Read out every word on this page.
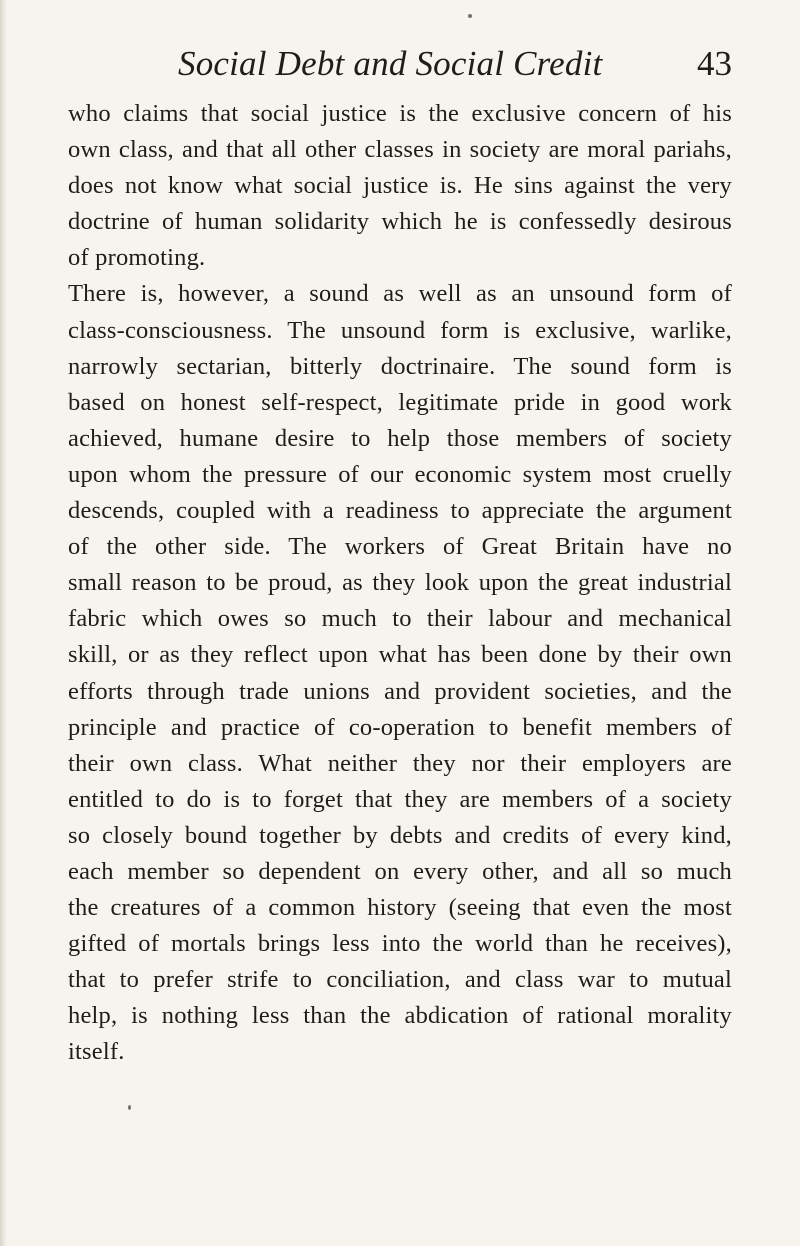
Social Debt and Social Credit	43
who claims that social justice is the exclusive concern of his
own class, and that all other classes in society are moral pariahs,
does not know what social justice is. He sins against the very
doctrine of human solidarity which he is confessedly desirous
of promoting.
There is, however, a sound as well as an unsound form of
class-consciousness. The unsound form is exclusive, warlike,
narrowly sectarian, bitterly doctrinaire. The sound form is
based on honest self-respect, legitimate pride in good work
achieved, humane desire to help those members of society
upon whom the pressure of our economic system most cruelly
descends, coupled with a readiness to appreciate the argument
of the other side. The workers of Great Britain have no
small reason to be proud, as they look upon the great industrial
fabric which owes so much to their labour and mechanical
skill, or as they reflect upon what has been done by their own
efforts through trade unions and provident societies, and the
principle and practice of co-operation to benefit members of
their own class. What neither they nor their employers are
entitled to do is to forget that they are members of a society
so closely bound together by debts and credits of every kind,
each member so dependent on every other, and all so much
the creatures of a common history (seeing that even the most
gifted of mortals brings less into the world than he receives),
that to prefer strife to conciliation, and class war to mutual
help, is nothing less than the abdication of rational morality
itself.
